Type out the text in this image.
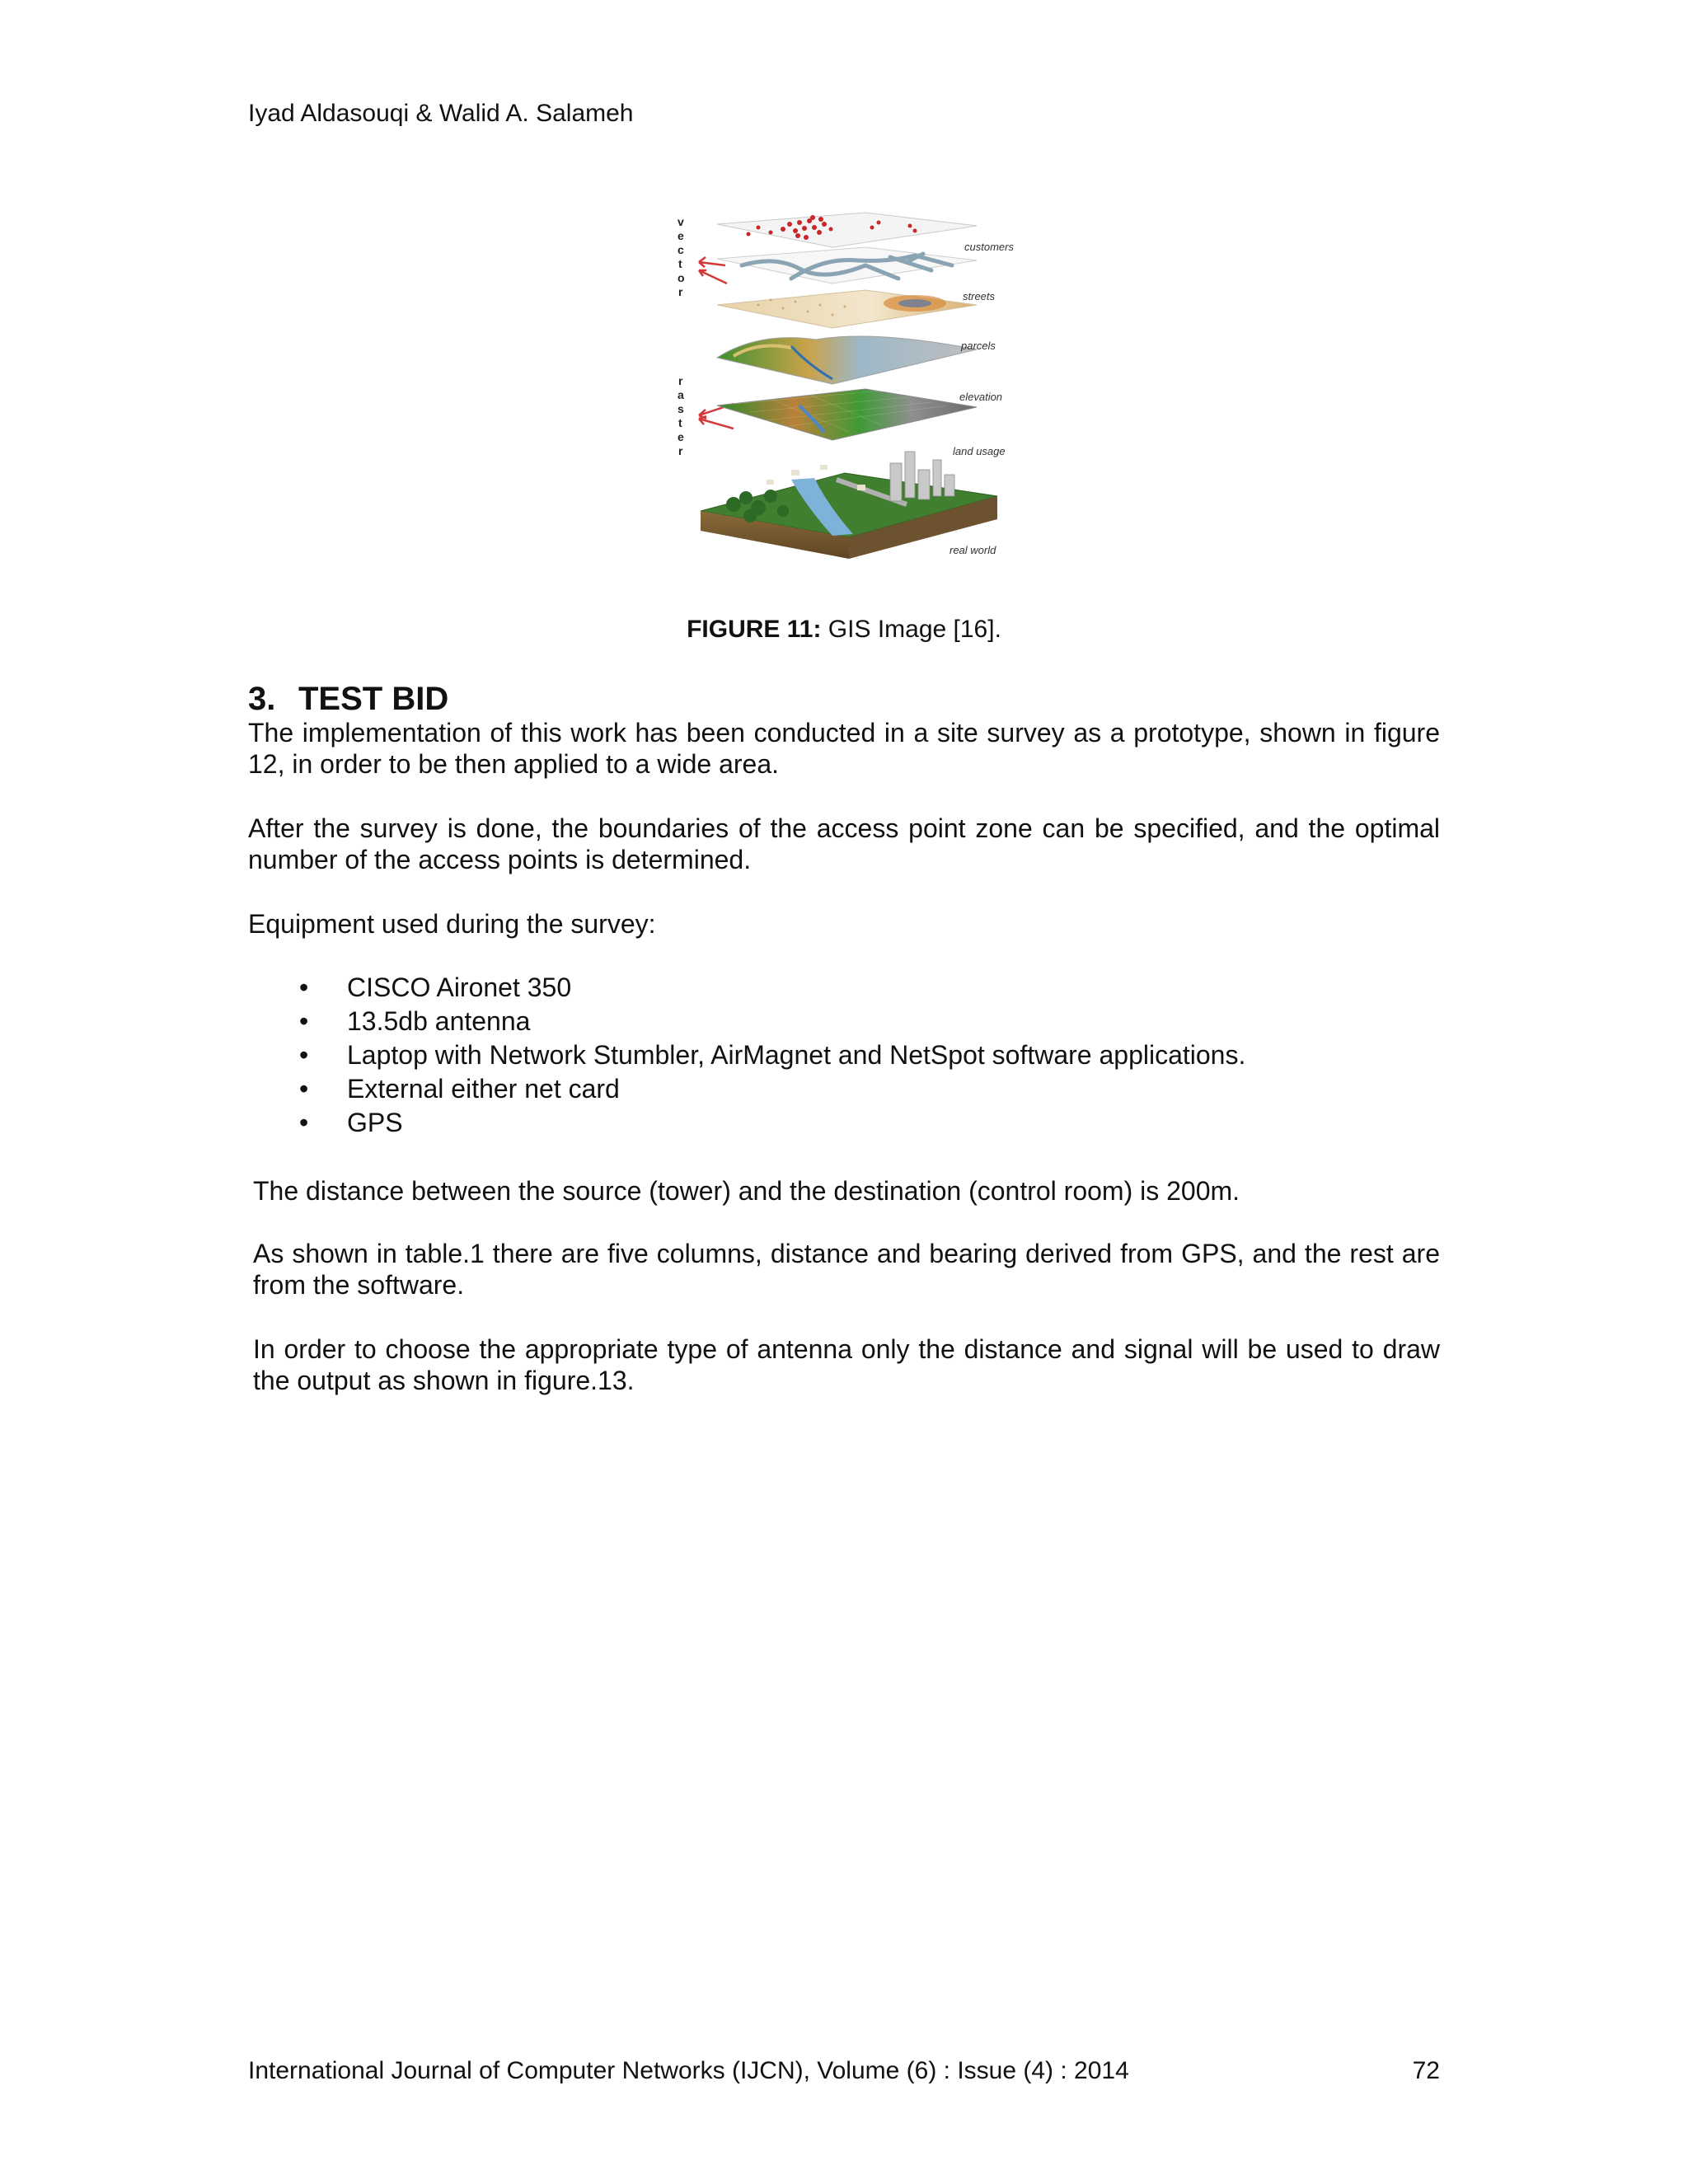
Iyad Aldasouqi & Walid A. Salameh
v
e
c
t
o
r
r
a
s
t
e
r
customers
streets
parcels
elevation
land usage
real world
FIGURE 11: GIS Image [16].
3. TEST BID

The implementation of this work has been conducted in a site survey as a prototype, shown in figure 12, in order to be then applied to a wide area.

After the survey is done, the boundaries of the access point zone can be specified, and the optimal number of the access points is determined.

Equipment used during the survey:

• CISCO Aironet 350
• 13.5db antenna
• Laptop with Network Stumbler, AirMagnet and NetSpot software applications.
• External either net card
• GPS

The distance between the source (tower) and the destination (control room) is 200m.

As shown in table.1 there are five columns, distance and bearing derived from GPS, and the rest are from the software.

In order to choose the appropriate type of antenna only the distance and signal will be used to draw the output as shown in figure.13.

International Journal of Computer Networks (IJCN), Volume (6) : Issue (4) : 2014	72
